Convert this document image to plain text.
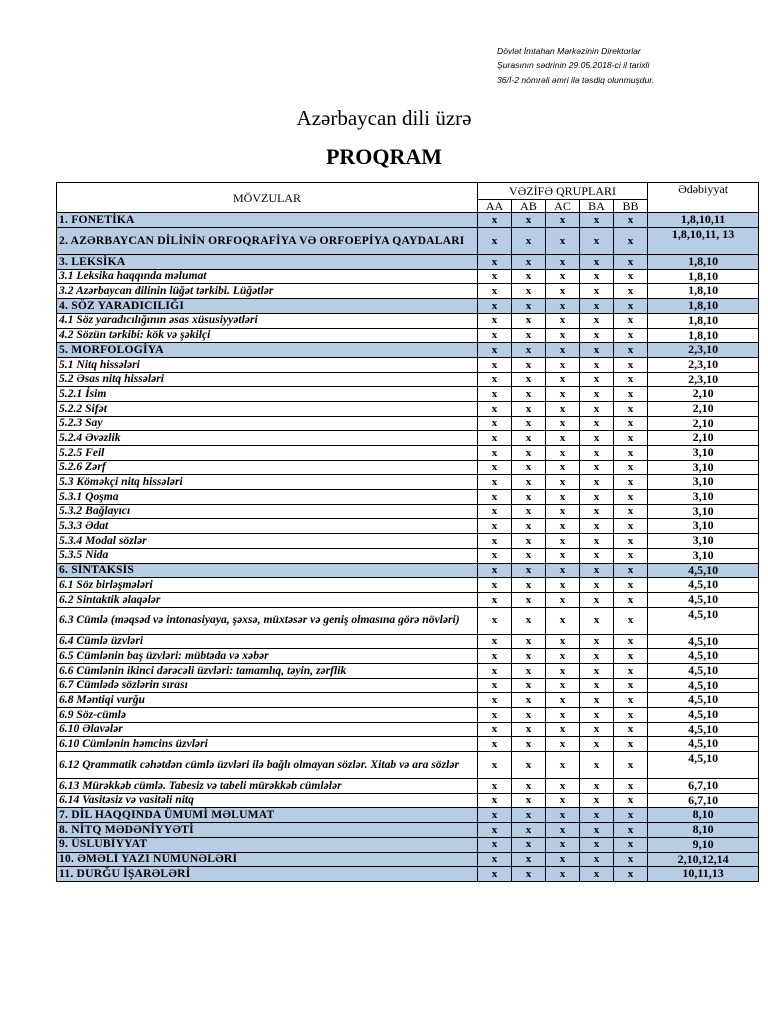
Dövlət İmtahan Mərkəzinin Direktorlar
Şurasının sədrinin 29.05.2018-ci il tarixli
36/İ-2 nömrəli əmri ilə təsdiq olunmuşdur.
Azərbaycan dili üzrə
PROQRAM
MÖVZULAR	VƏZİFƏ QRUPLARI					Ədəbiyyat
	AA	AB	AC	BA	BB	
1. FONETİKA	x	x	x	x	x	1,8,10,11
2. AZƏRBAYCAN DİLİNİN ORFOQRAFİYA VƏ ORFOEPİYA QAYDALARI	x	x	x	x	x	1,8,10,11, 13
3. LEKSİKA	x	x	x	x	x	1,8,10
3.1 Leksika haqqında məlumat	x	x	x	x	x	1,8,10
3.2 Azərbaycan dilinin lüğət tərkibi. Lüğətlər	x	x	x	x	x	1,8,10
4. SÖZ YARADICILIĞI	x	x	x	x	x	1,8,10
4.1 Söz yaradıcılığının əsas xüsusiyyətləri	x	x	x	x	x	1,8,10
4.2 Sözün tərkibi: kök və şəkilçi	x	x	x	x	x	1,8,10
5. MORFOLOGİYA	x	x	x	x	x	2,3,10
5.1 Nitq hissələri	x	x	x	x	x	2,3,10
5.2 Əsas nitq hissələri	x	x	x	x	x	2,3,10
5.2.1 İsim	x	x	x	x	x	2,10
5.2.2 Sifət	x	x	x	x	x	2,10
5.2.3 Say	x	x	x	x	x	2,10
5.2.4 Əvəzlik	x	x	x	x	x	2,10
5.2.5 Feil	x	x	x	x	x	3,10
5.2.6 Zərf	x	x	x	x	x	3,10
5.3 Köməkçi nitq hissələri	x	x	x	x	x	3,10
5.3.1 Qoşma	x	x	x	x	x	3,10
5.3.2 Bağlayıcı	x	x	x	x	x	3,10
5.3.3 Ədat	x	x	x	x	x	3,10
5.3.4 Modal sözlər	x	x	x	x	x	3,10
5.3.5 Nida	x	x	x	x	x	3,10
6. SİNTAKSİS	x	x	x	x	x	4,5,10
6.1 Söz birləşmələri	x	x	x	x	x	4,5,10
6.2 Sintaktik əlaqələr	x	x	x	x	x	4,5,10
6.3 Cümlə (məqsəd və intonasiyaya, şəxsə, müxtəsər və geniş olmasına görə növləri)	x	x	x	x	x	4,5,10
6.4 Cümlə üzvləri	x	x	x	x	x	4,5,10
6.5 Cümlənin baş üzvləri: mübtəda və xəbər	x	x	x	x	x	4,5,10
6.6 Cümlənin ikinci dərəcəli üzvləri: tamamlıq, təyin, zərflik	x	x	x	x	x	4,5,10
6.7 Cümlədə sözlərin sırası	x	x	x	x	x	4,5,10
6.8 Məntiqi vurğu	x	x	x	x	x	4,5,10
6.9 Söz-cümlə	x	x	x	x	x	4,5,10
6.10 Əlavələr	x	x	x	x	x	4,5,10
6.10 Cümlənin həmcins üzvləri	x	x	x	x	x	4,5,10
6.12 Qrammatik cəhətdən cümlə üzvləri ilə bağlı olmayan sözlər. Xitab və ara sözlər	x	x	x	x	x	4,5,10
6.13 Mürəkkəb cümlə. Tabesiz və tabeli mürəkkəb cümlələr	x	x	x	x	x	6,7,10
6.14 Vasitəsiz və vasitəli nitq	x	x	x	x	x	6,7,10
7. DİL HAQQINDA ÜMUMİ MƏLUMAT	x	x	x	x	x	8,10
8. NİTQ MƏDƏNİYYƏTİ	x	x	x	x	x	8,10
9. ÜSLUBİYYAT	x	x	x	x	x	9,10
10. ƏMƏLİ YAZI NÜMUNƏLƏRİ	x	x	x	x	x	2,10,12,14
11. DURĞU İŞARƏLƏRİ	x	x	x	x	x	10,11,13
